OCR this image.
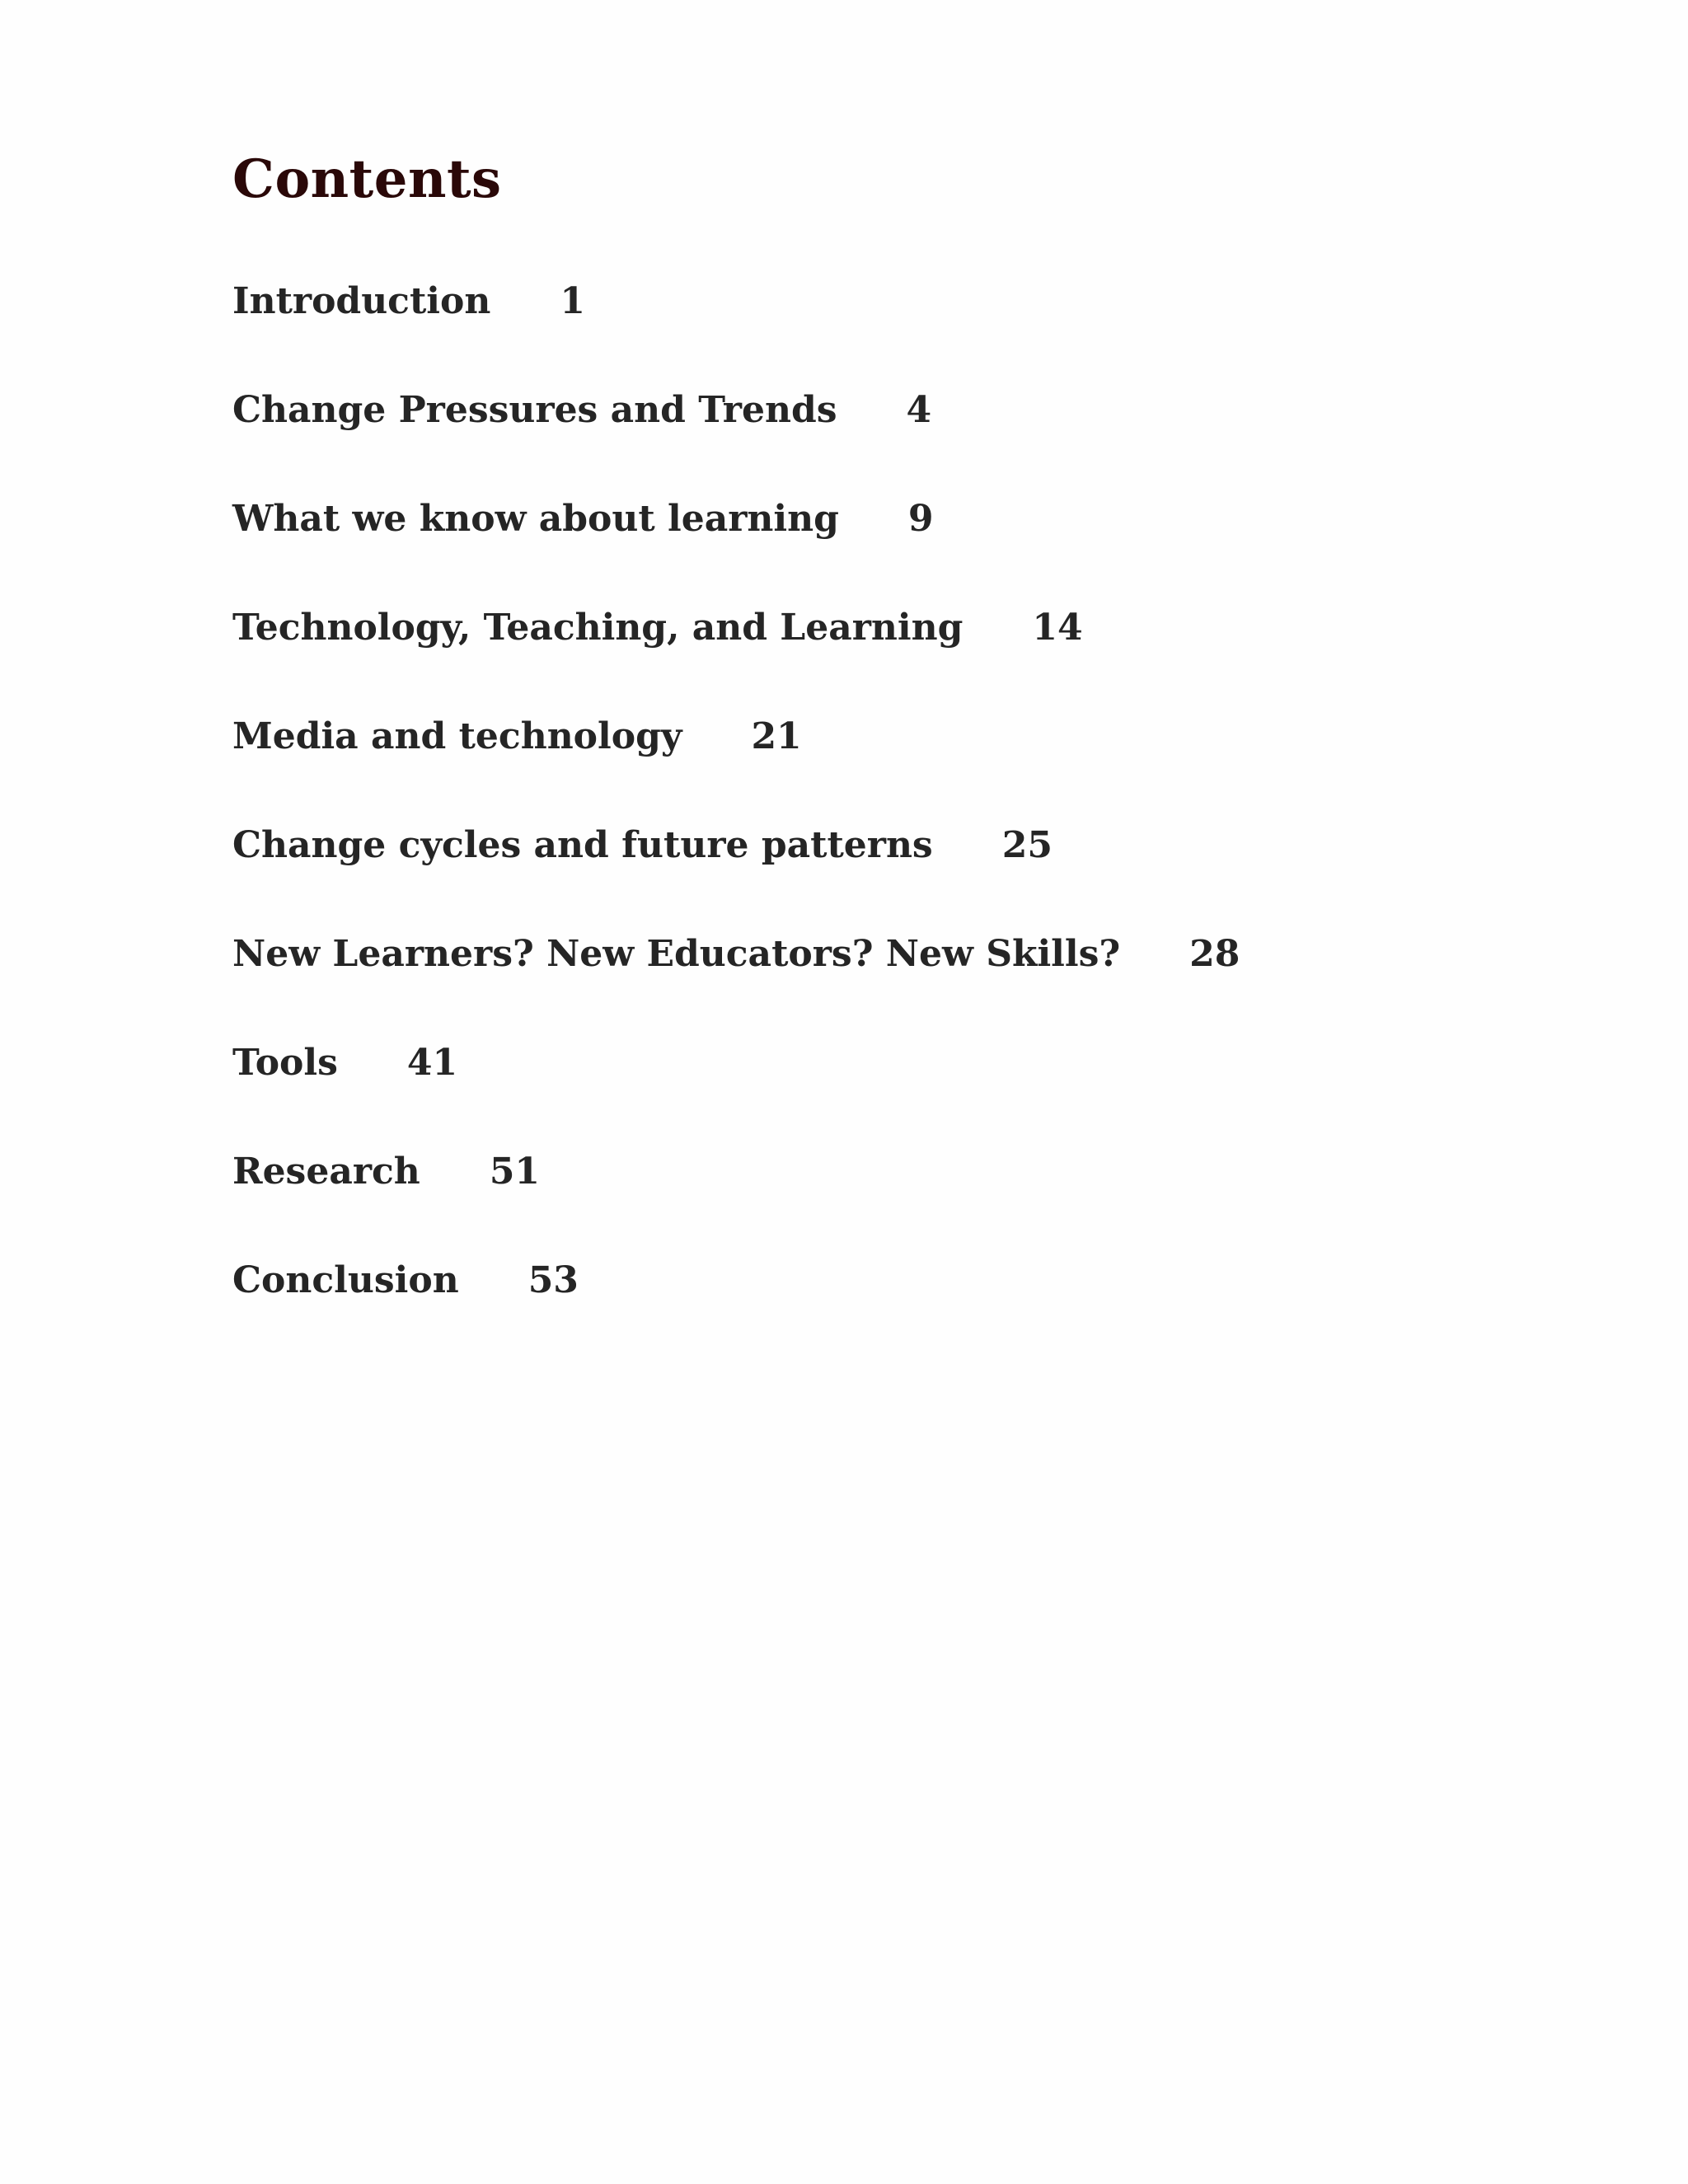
Contents
Introduction 1
Change Pressures and Trends 4
What we know about learning 9
Technology, Teaching, and Learning 14
Media and technology 21
Change cycles and future patterns 25
New Learners? New Educators? New Skills? 28
Tools 41
Research 51
Conclusion 53
